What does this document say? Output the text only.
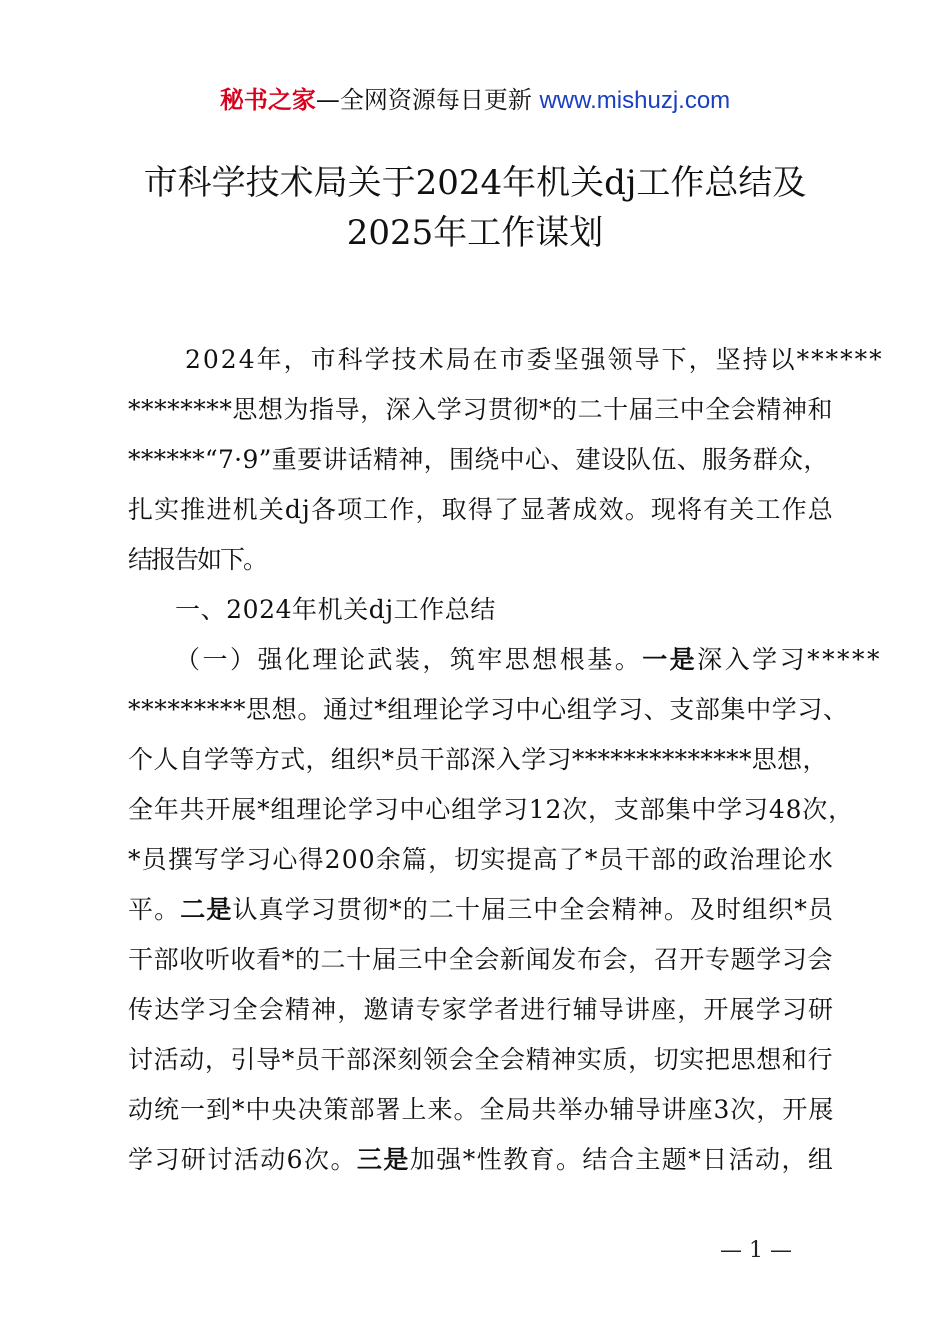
秘书之家—全网资源每日更新 www.mishuzj.com
市科学技术局关于2024年机关dj工作总结及
2025年工作谋划
2024年，市科学技术局在市委坚强领导下，坚持以******
********思想为指导，深入学习贯彻*的二十届三中全会精神和
******“7·9”重要讲话精神，围绕中心、建设队伍、服务群众，
扎实推进机关dj各项工作，取得了显著成效。现将有关工作总
结报告如下。
一、2024年机关dj工作总结
（一）强化理论武装，筑牢思想根基。一是深入学习*****
*********思想。通过*组理论学习中心组学习、支部集中学习、
个人自学等方式，组织*员干部深入学习**************思想，
全年共开展*组理论学习中心组学习12次，支部集中学习48次，
*员撰写学习心得200余篇，切实提高了*员干部的政治理论水
平。二是认真学习贯彻*的二十届三中全会精神。及时组织*员
干部收听收看*的二十届三中全会新闻发布会，召开专题学习会
传达学习全会精神，邀请专家学者进行辅导讲座，开展学习研
讨活动，引导*员干部深刻领会全会精神实质，切实把思想和行
动统一到*中央决策部署上来。全局共举办辅导讲座3次，开展
学习研讨活动6次。三是加强*性教育。结合主题*日活动，组
— 1 —
